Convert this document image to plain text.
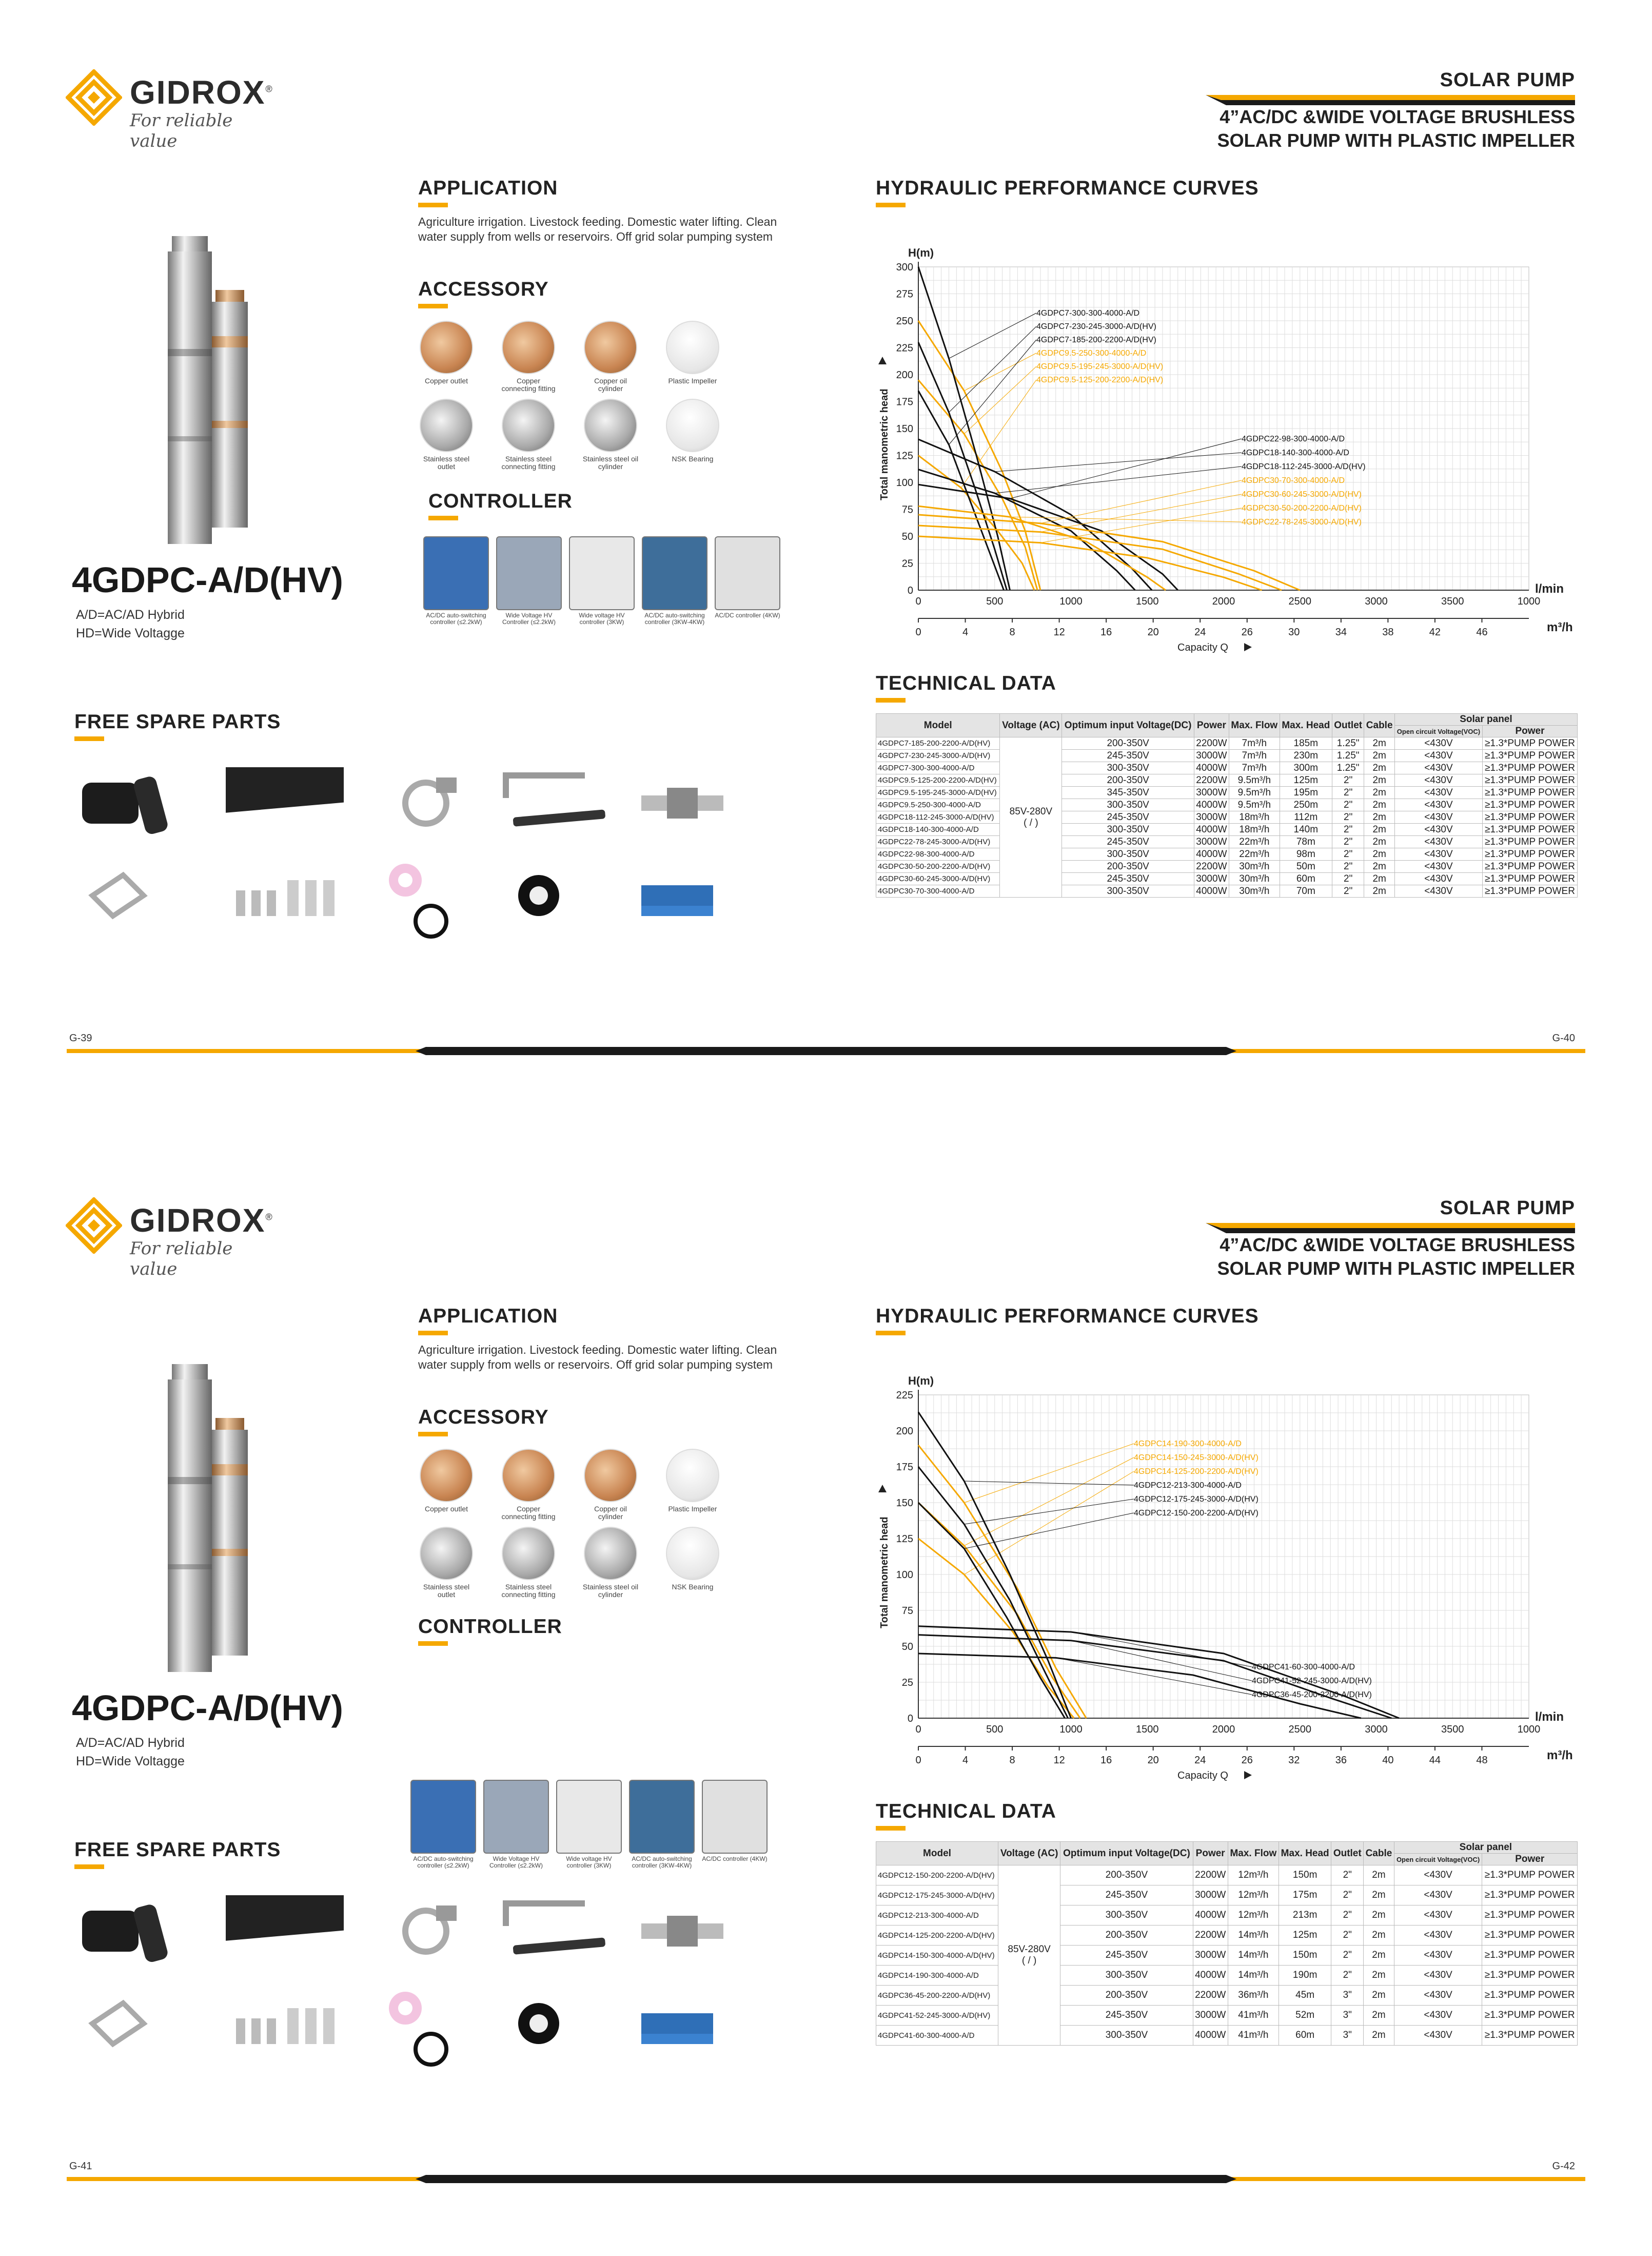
GIDROX®
For reliable value
SOLAR PUMP
4”AC/DC &WIDE VOLTAGE BRUSHLESS
SOLAR PUMP WITH PLASTIC IMPELLER
4GDPC-A/D(HV)
A/D=AC/AD Hybrid
HD=Wide Voltagge
APPLICATION
Agriculture irrigation. Livestock feeding. Domestic water lifting. Clean water supply from wells or reservoirs. Off grid solar pumping system
ACCESSORY
Copper outlet	Copper connecting fitting
Copper oil cylinder
Plastic Impeller
Stainless steel outlet
Stainless steel connecting fitting
Stainless steel oil cylinder
NSK Bearing
CONTROLLER
AC/DC auto-switching controller (≤2.2kW)
Wide Voltage HV Controller (≤2.2kW)
Wide voltage HV controller (3KW)
AC/DC auto-switching controller (3KW-4KW)
AC/DC controller (4KW)
FREE SPARE PARTS
HYDRAULIC PERFORMANCE CURVES
0
25
50
75
100
125
150
175
200
225
250
275
300
0	500	1000	1500	2000	2500	3000	3500	1000
0	4	8	12	16	20	24	26	30	34	38	42	46
H(m)
l/min
m³/h
Capacity Q
Total manometric head
4GDPC9.5-250-300-4000-A/D
4GDPC9.5-195-245-3000-A/D(HV)
4GDPC9.5-125-200-2200-A/D(HV)
4GDPC7-300-300-4000-A/D
4GDPC7-230-245-3000-A/D(HV)
4GDPC7-185-200-2200-A/D(HV)
4GDPC22-98-300-4000-A/D
4GDPC18-140-300-4000-A/D
4GDPC18-112-245-3000-A/D(HV)
4GDPC30-70-300-4000-A/D
4GDPC30-60-245-3000-A/D(HV)
4GDPC30-50-200-2200-A/D(HV)
4GDPC22-78-245-3000-A/D(HV)
TECHNICAL DATA
Model	Voltage (AC)	Optimum input Voltage(DC)	Power	Max. Flow	Max. Head	Outlet	Cable	Solar panel	
								Open circuit Voltage(VOC)	Power
4GDPC7-185-200-2200-A/D(HV)	85V-280V
( / )	200-350V	2200W	7m³/h	185m	1.25"	2m	<430V	≥1.3*PUMP POWER
4GDPC7-230-245-3000-A/D(HV)		245-350V	3000W	7m³/h	230m	1.25"	2m	<430V	≥1.3*PUMP POWER
4GDPC7-300-300-4000-A/D		300-350V	4000W	7m³/h	300m	1.25"	2m	<430V	≥1.3*PUMP POWER
4GDPC9.5-125-200-2200-A/D(HV)		200-350V	2200W	9.5m³/h	125m	2"	2m	<430V	≥1.3*PUMP POWER
4GDPC9.5-195-245-3000-A/D(HV)		345-350V	3000W	9.5m³/h	195m	2"	2m	<430V	≥1.3*PUMP POWER
4GDPC9.5-250-300-4000-A/D		300-350V	4000W	9.5m³/h	250m	2"	2m	<430V	≥1.3*PUMP POWER
4GDPC18-112-245-3000-A/D(HV)		245-350V	3000W	18m³/h	112m	2"	2m	<430V	≥1.3*PUMP POWER
4GDPC18-140-300-4000-A/D		300-350V	4000W	18m³/h	140m	2"	2m	<430V	≥1.3*PUMP POWER
4GDPC22-78-245-3000-A/D(HV)		245-350V	3000W	22m³/h	78m	2"	2m	<430V	≥1.3*PUMP POWER
4GDPC22-98-300-4000-A/D		300-350V	4000W	22m³/h	98m	2"	2m	<430V	≥1.3*PUMP POWER
4GDPC30-50-200-2200-A/D(HV)		200-350V	2200W	30m³/h	50m	2"	2m	<430V	≥1.3*PUMP POWER
4GDPC30-60-245-3000-A/D(HV)		245-350V	3000W	30m³/h	60m	2"	2m	<430V	≥1.3*PUMP POWER
4GDPC30-70-300-4000-A/D		300-350V	4000W	30m³/h	70m	2"	2m	<430V	≥1.3*PUMP POWER
G-39	G-40
GIDROX®
For reliable value
SOLAR PUMP
4”AC/DC &WIDE VOLTAGE BRUSHLESS
SOLAR PUMP WITH PLASTIC IMPELLER
4GDPC-A/D(HV)
A/D=AC/AD Hybrid
HD=Wide Voltagge
APPLICATION
Agriculture irrigation. Livestock feeding. Domestic water lifting. Clean water supply from wells or reservoirs. Off grid solar pumping system
ACCESSORY
Copper outlet	Copper connecting fitting
Copper oil cylinder
Plastic Impeller
Stainless steel outlet
Stainless steel connecting fitting
Stainless steel oil cylinder
NSK Bearing
CONTROLLER
AC/DC auto-switching controller (≤2.2kW)
Wide Voltage HV Controller (≤2.2kW)
Wide voltage HV controller (3KW)
AC/DC auto-switching controller (3KW-4KW)
AC/DC controller (4KW)
FREE SPARE PARTS
HYDRAULIC PERFORMANCE CURVES
0
25
50
75
100
125
150
175
200
225
0	500	1000	1500	2000	2500	3000	3500	1000
0	4	8	12	16	20	24	26	32	36	40	44	48
H(m)
l/min
m³/h
Capacity Q
Total manometric head
4GDPC14-190-300-4000-A/D
4GDPC14-150-245-3000-A/D(HV)
4GDPC14-125-200-2200-A/D(HV)
4GDPC12-213-300-4000-A/D
4GDPC12-175-245-3000-A/D(HV)
4GDPC12-150-200-2200-A/D(HV)
4GDPC41-60-300-4000-A/D
4GDPC41-52-245-3000-A/D(HV)
4GDPC36-45-200-2200-A/D(HV)
TECHNICAL DATA
Model	Voltage (AC)	Optimum input Voltage(DC)	Power	Max. Flow	Max. Head	Outlet	Cable	Solar panel	
								Open circuit Voltage(VOC)	Power
4GDPC12-150-200-2200-A/D(HV)	85V-280V
( / )	200-350V	2200W	12m³/h	150m	2"	2m	<430V	≥1.3*PUMP POWER
4GDPC12-175-245-3000-A/D(HV)		245-350V	3000W	12m³/h	175m	2"	2m	<430V	≥1.3*PUMP POWER
4GDPC12-213-300-4000-A/D		300-350V	4000W	12m³/h	213m	2"	2m	<430V	≥1.3*PUMP POWER
4GDPC14-125-200-2200-A/D(HV)		200-350V	2200W	14m³/h	125m	2"	2m	<430V	≥1.3*PUMP POWER
4GDPC14-150-300-4000-A/D(HV)		245-350V	3000W	14m³/h	150m	2"	2m	<430V	≥1.3*PUMP POWER
4GDPC14-190-300-4000-A/D		300-350V	4000W	14m³/h	190m	2"	2m	<430V	≥1.3*PUMP POWER
4GDPC36-45-200-2200-A/D(HV)		200-350V	2200W	36m³/h	45m	3"	2m	<430V	≥1.3*PUMP POWER
4GDPC41-52-245-3000-A/D(HV)		245-350V	3000W	41m³/h	52m	3"	2m	<430V	≥1.3*PUMP POWER
4GDPC41-60-300-4000-A/D		300-350V	4000W	41m³/h	60m	3"	2m	<430V	≥1.3*PUMP POWER
G-41	G-42
